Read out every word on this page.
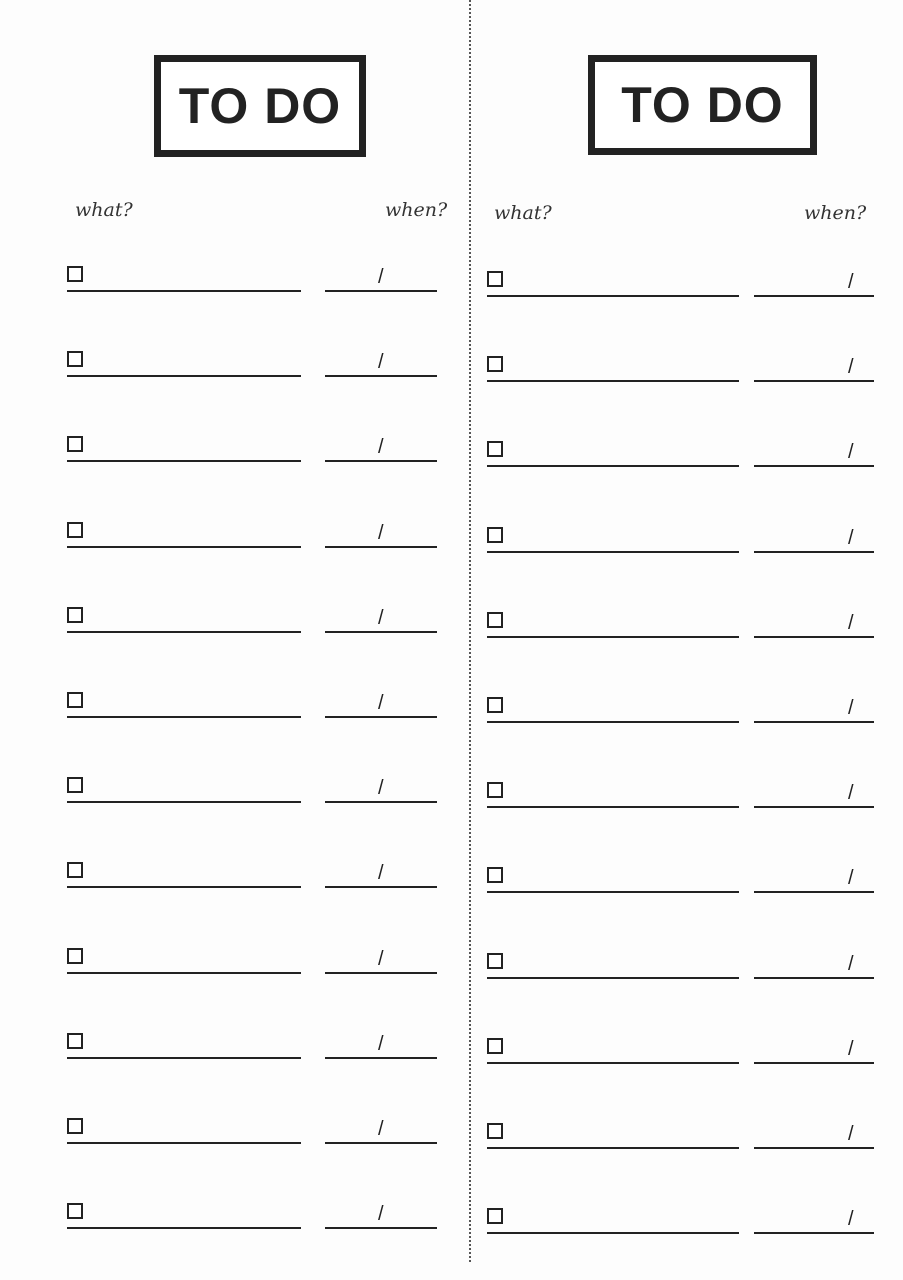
TO DO
what?	when?
/
/
/
/
/
/
/
/
/
/
/
/
TO DO
what?	when?
/
/
/
/
/
/
/
/
/
/
/
/
